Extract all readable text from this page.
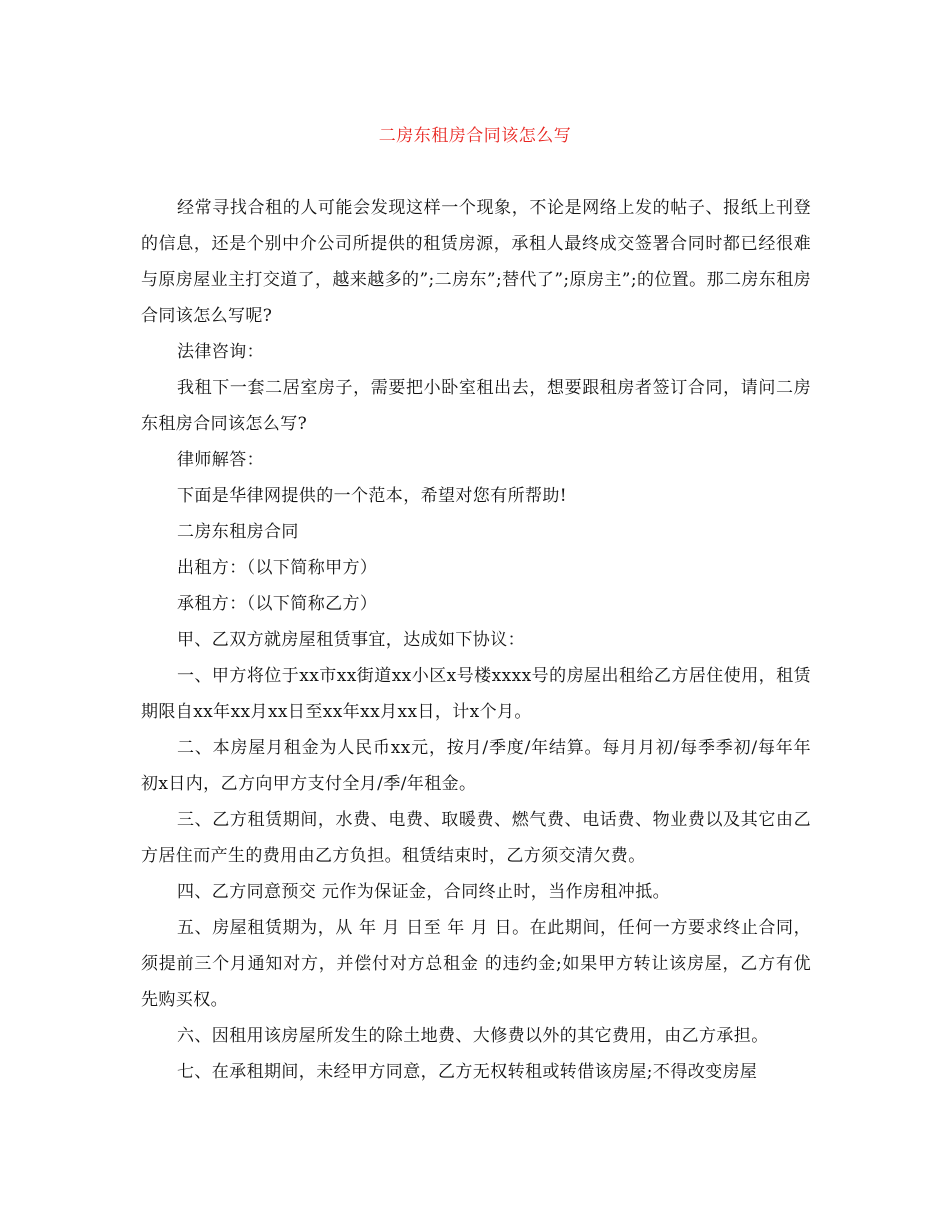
二房东租房合同该怎么写

经常寻找合租的人可能会发现这样一个现象，不论是网络上发的帖子、报纸上刊登的信息，还是个别中介公司所提供的租赁房源，承租人最终成交签署合同时都已经很难与原房屋业主打交道了，越来越多的”;二房东”;替代了”;原房主”;的位置。那二房东租房合同该怎么写呢?

法律咨询：

我租下一套二居室房子，需要把小卧室租出去，想要跟租房者签订合同，请问二房东租房合同该怎么写?

律师解答：

下面是华律网提供的一个范本，希望对您有所帮助!

二房东租房合同

出租方：（以下简称甲方）

承租方：（以下简称乙方）

甲、乙双方就房屋租赁事宜，达成如下协议：

一、甲方将位于xx市xx街道xx小区x号楼xxxx号的房屋出租给乙方居住使用，租赁期限自xx年xx月xx日至xx年xx月xx日，计x个月。

二、本房屋月租金为人民币xx元，按月/季度/年结算。每月月初/每季季初/每年年初x日内，乙方向甲方支付全月/季/年租金。

三、乙方租赁期间，水费、电费、取暖费、燃气费、电话费、物业费以及其它由乙方居住而产生的费用由乙方负担。租赁结束时，乙方须交清欠费。

四、乙方同意预交 元作为保证金，合同终止时，当作房租冲抵。

五、房屋租赁期为，从 年 月 日至 年 月 日。在此期间，任何一方要求终止合同，须提前三个月通知对方，并偿付对方总租金 的违约金;如果甲方转让该房屋，乙方有优先购买权。

六、因租用该房屋所发生的除土地费、大修费以外的其它费用，由乙方承担。

七、在承租期间，未经甲方同意，乙方无权转租或转借该房屋;不得改变房屋
